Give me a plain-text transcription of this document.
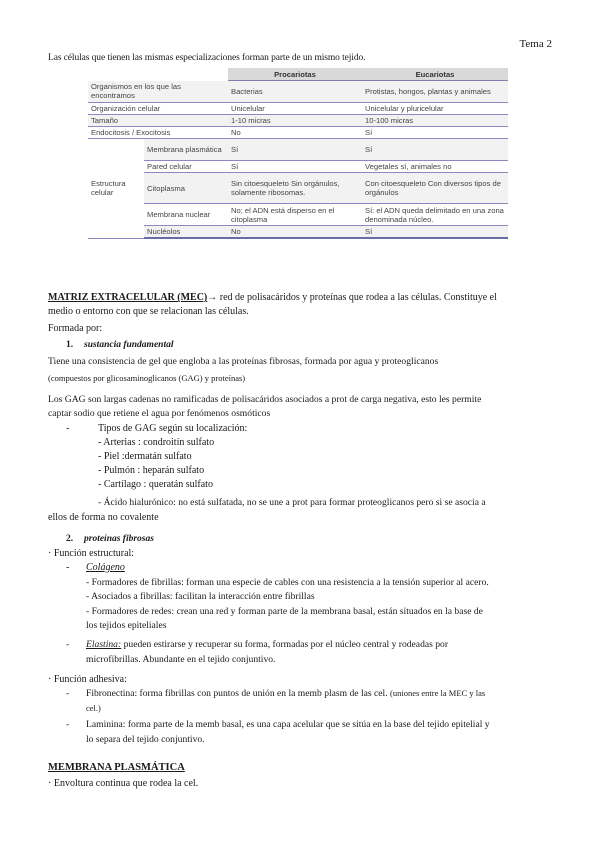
Tema 2
Las células que tienen las mismas especializaciones forman parte de un mismo tejido.
		Procariotas	Eucariotas
Organismos en los que las encontramos		Bacterias	Protistas, hongos, plantas y animales
Organización celular		Unicelular	Unicelular y pluricelular
Tamaño		1-10 micras	10-100 micras
Endocitosis / Exocitosis		No	Sí
Estructura celular	Membrana plasmática	Sí	Sí
	Pared celular	Sí	Vegetales sí, animales no
	Citoplasma	Sin citoesqueleto Sin orgánulos, solamente ribosomas.	Con citoesqueleto Con diversos tipos de orgánulos
	Membrana nuclear	No; el ADN está disperso en el citoplasma	Sí: el ADN queda delimitado en una zona denominada núcleo.
	Nucléolos	No	Sí
MATRIZ EXTRACELULAR (MEC)→ red de polisacáridos y proteínas que rodea a las células. Constituye el
medio o entorno con que se relacionan las células.
Formada por:
1. sustancia fundamental
Tiene una consistencia de gel que engloba a las proteínas fibrosas, formada por agua y proteoglicanos
(compuestos por glicosaminoglicanos (GAG) y proteínas)
Los GAG son largas cadenas no ramificadas de polisacáridos asociados a prot de carga negativa, esto les permite
captar sodio que retiene el agua por fenómenos osmóticos
-	Tipos de GAG según su localización:
- Arterias : condroitín sulfato
- Piel :dermatán sulfato
- Pulmón : heparán sulfato
- Cartílago : queratán sulfato
- Ácido hialurónico: no está sulfatada, no se une a prot para formar proteoglicanos pero si se asocia a
ellos de forma no covalente
2. proteínas fibrosas
· Función estructural:
- Colágeno
- Formadores de fibrillas: forman una especie de cables con una resistencia a la tensión superior al acero.
- Asociados a fibrillas: facilitan la interacción entre fibrillas
- Formadores de redes: crean una red y forman parte de la membrana basal, están situados en la base de
los tejidos epiteliales
- Elastina: pueden estirarse y recuperar su forma, formadas por el núcleo central y rodeadas por
microfibrillas. Abundante en el tejido conjuntivo.
· Función adhesiva:
- Fibronectina: forma fibrillas con puntos de unión en la memb plasm de las cel. (uniones entre la MEC y las
cel.)
- Laminina: forma parte de la memb basal, es una capa acelular que se sitúa en la base del tejido epitelial y
lo separa del tejido conjuntivo.
MEMBRANA PLASMÁTICA
· Envoltura continua que rodea la cel.
